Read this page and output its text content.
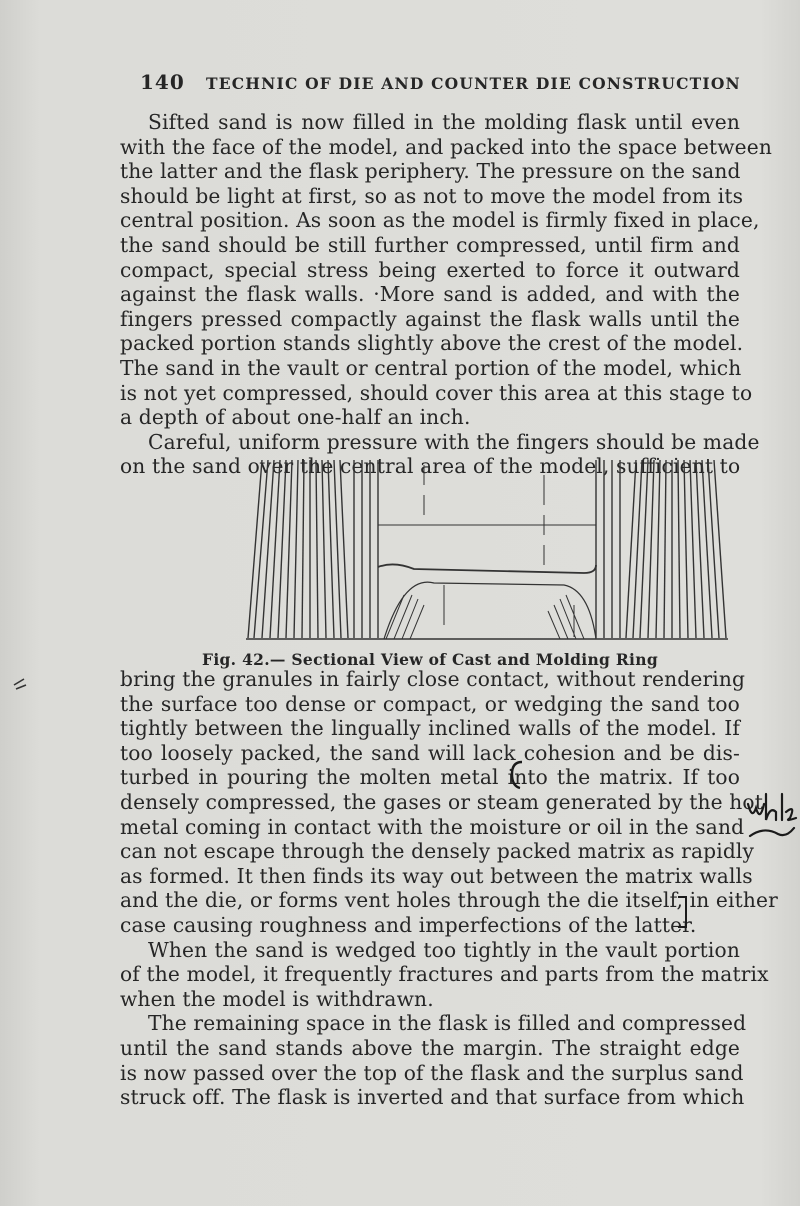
140	TECHNIC OF DIE AND COUNTER DIE CONSTRUCTION

Sifted sand is now filled in the molding flask until even

with the face of the model, and packed into the space between

the latter and the flask periphery. The pressure on the sand

should be light at first, so as not to move the model from its

central position. As soon as the model is firmly fixed in place,

the sand should be still further compressed, until firm and

compact, special stress being exerted to force it outward

against the flask walls. ·More sand is added, and with the

fingers pressed compactly against the flask walls until the

packed portion stands slightly above the crest of the model.

The sand in the vault or central portion of the model, which

is not yet compressed, should cover this area at this stage to

a depth of about one-half an inch.

Careful, uniform pressure with the fingers should be made

on the sand over the central area of the model, sufficient to

Fig. 42.— Sectional View of Cast and Molding Ring

bring the granules in fairly close contact, without rendering

the surface too dense or compact, or wedging the sand too

tightly between the lingually inclined walls of the model. If

too loosely packed, the sand will lack cohesion and be dis-

turbed in pouring the molten metal into the matrix. If too

densely compressed, the gases or steam generated by the hot

metal coming in contact with the moisture or oil in the sand

can not escape through the densely packed matrix as rapidly

as formed. It then finds its way out between the matrix walls

and the die, or forms vent holes through the die itself, in either

case causing roughness and imperfections of the latter.

When the sand is wedged too tightly in the vault portion

of the model, it frequently fractures and parts from the matrix

when the model is withdrawn.

The remaining space in the flask is filled and compressed

until the sand stands above the margin. The straight edge

is now passed over the top of the flask and the surplus sand

struck off. The flask is inverted and that surface from which
